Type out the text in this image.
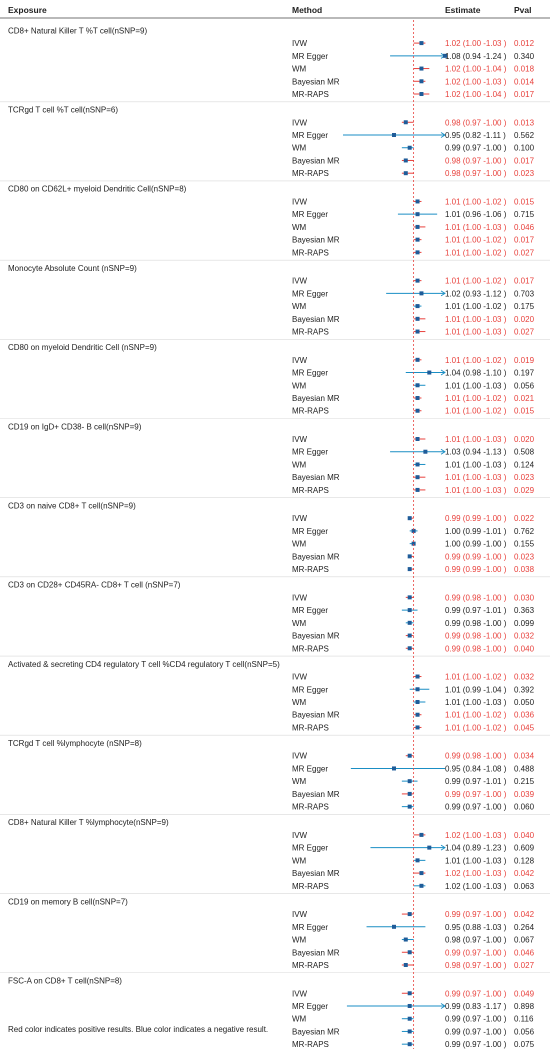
Exposure	Method	Estimate	Pval
CD8+ Natural Killer T %T cell(nSNP=9)
IVW	1.02 (1.00 -1.03 ) 0.012
MR Egger	1.08 (0.94 -1.24 ) 0.340
WM	1.02 (1.00 -1.04 ) 0.018
Bayesian MR	1.02 (1.00 -1.03 ) 0.014
MR-RAPS	1.02 (1.00 -1.04 ) 0.017
TCRgd T cell %T cell(nSNP=6)
IVW	0.98 (0.97 -1.00 ) 0.013
MR Egger	0.95 (0.82 -1.11 ) 0.562
WM	0.99 (0.97 -1.00 ) 0.100
Bayesian MR	0.98 (0.97 -1.00 ) 0.017
MR-RAPS	0.98 (0.97 -1.00 ) 0.023
CD80 on CD62L+ myeloid Dendritic Cell(nSNP=8)
IVW	1.01 (1.00 -1.02 ) 0.015
MR Egger	1.01 (0.96 -1.06 ) 0.715
WM	1.01 (1.00 -1.03 ) 0.046
Bayesian MR	1.01 (1.00 -1.02 ) 0.017
MR-RAPS	1.01 (1.00 -1.02 ) 0.027
Monocyte Absolute Count (nSNP=9)
IVW	1.01 (1.00 -1.02 ) 0.017
MR Egger	1.02 (0.93 -1.12 ) 0.703
WM	1.01 (1.00 -1.02 ) 0.175
Bayesian MR	1.01 (1.00 -1.03 ) 0.020
MR-RAPS	1.01 (1.00 -1.03 ) 0.027
CD80 on myeloid Dendritic Cell (nSNP=9)
IVW	1.01 (1.00 -1.02 ) 0.019
MR Egger	1.04 (0.98 -1.10 ) 0.197
WM	1.01 (1.00 -1.03 ) 0.056
Bayesian MR	1.01 (1.00 -1.02 ) 0.021
MR-RAPS	1.01 (1.00 -1.02 ) 0.015
CD19 on IgD+ CD38- B cell(nSNP=9)
IVW	1.01 (1.00 -1.03 ) 0.020
MR Egger	1.03 (0.94 -1.13 ) 0.508
WM	1.01 (1.00 -1.03 ) 0.124
Bayesian MR	1.01 (1.00 -1.03 ) 0.023
MR-RAPS	1.01 (1.00 -1.03 ) 0.029
CD3 on naive CD8+ T cell(nSNP=9)
IVW	0.99 (0.99 -1.00 ) 0.022
MR Egger	1.00 (0.99 -1.01 ) 0.762
WM	1.00 (0.99 -1.00 ) 0.155
Bayesian MR	0.99 (0.99 -1.00 ) 0.023
MR-RAPS	0.99 (0.99 -1.00 ) 0.038
CD3 on CD28+ CD45RA- CD8+ T cell (nSNP=7)
IVW	0.99 (0.98 -1.00 ) 0.030
MR Egger	0.99 (0.97 -1.01 ) 0.363
WM	0.99 (0.98 -1.00 ) 0.099
Bayesian MR	0.99 (0.98 -1.00 ) 0.032
MR-RAPS	0.99 (0.98 -1.00 ) 0.040
Activated & secreting CD4 regulatory T cell %CD4 regulatory T cell(nSNP=5)
IVW	1.01 (1.00 -1.02 ) 0.032
MR Egger	1.01 (0.99 -1.04 ) 0.392
WM	1.01 (1.00 -1.03 ) 0.050
Bayesian MR	1.01 (1.00 -1.02 ) 0.036
MR-RAPS	1.01 (1.00 -1.02 ) 0.045
TCRgd T cell %lymphocyte (nSNP=8)
IVW	0.99 (0.98 -1.00 ) 0.034
MR Egger	0.95 (0.84 -1.08 ) 0.488
WM	0.99 (0.97 -1.01 ) 0.215
Bayesian MR	0.99 (0.97 -1.00 ) 0.039
MR-RAPS	0.99 (0.97 -1.00 ) 0.060
CD8+ Natural Killer T %lymphocyte(nSNP=9)
IVW	1.02 (1.00 -1.03 ) 0.040
MR Egger	1.04 (0.89 -1.23 ) 0.609
WM	1.01 (1.00 -1.03 ) 0.128
Bayesian MR	1.02 (1.00 -1.03 ) 0.042
MR-RAPS	1.02 (1.00 -1.03 ) 0.063
CD19 on memory B cell(nSNP=7)
IVW	0.99 (0.97 -1.00 ) 0.042
MR Egger	0.95 (0.88 -1.03 ) 0.264
WM	0.98 (0.97 -1.00 ) 0.067
Bayesian MR	0.99 (0.97 -1.00 ) 0.046
MR-RAPS	0.98 (0.97 -1.00 ) 0.027
FSC-A on CD8+ T cell(nSNP=8)
IVW	0.99 (0.97 -1.00 ) 0.049
MR Egger	0.99 (0.83 -1.17 ) 0.898
WM	0.99 (0.97 -1.00 ) 0.116
Bayesian MR	0.99 (0.97 -1.00 ) 0.056
MR-RAPS	0.99 (0.97 -1.00 ) 0.075
Red color indicates positive results. Blue color indicates a negative result.
